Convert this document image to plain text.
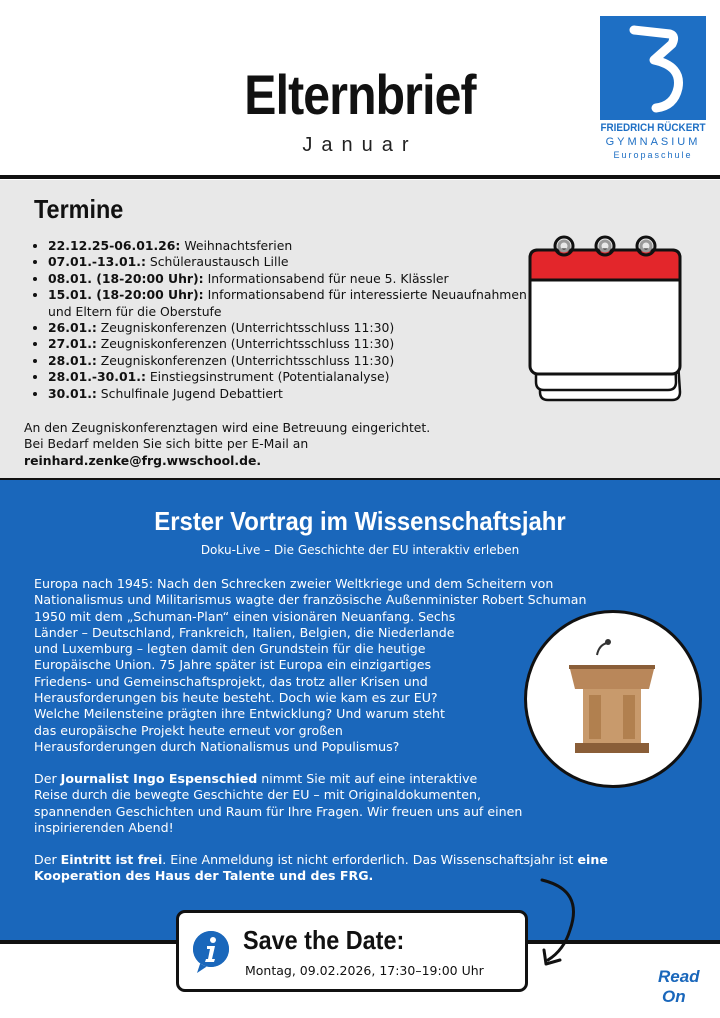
Elternbrief
Januar
FRIEDRICH RÜCKERT
GYMNASIUM
Europaschule
Termine
• 22.12.25-06.01.26: Weihnachtsferien
• 07.01.-13.01.: Schüleraustausch Lille
• 08.01. (18-20:00 Uhr): Informationsabend für neue 5. Klässler
• 15.01. (18-20:00 Uhr): Informationsabend für interessierte Neuaufnahmen und Eltern für die Oberstufe
• 26.01.: Zeugniskonferenzen (Unterrichtsschluss 11:30)
• 27.01.: Zeugniskonferenzen (Unterrichtsschluss 11:30)
• 28.01.: Zeugniskonferenzen (Unterrichtsschluss 11:30)
• 28.01.-30.01.: Einstiegsinstrument (Potentialanalyse)
• 30.01.: Schulfinale Jugend Debattiert
An den Zeugniskonferenztagen wird eine Betreuung eingerichtet.
Bei Bedarf melden Sie sich bitte per E-Mail an
reinhard.zenke@frg.wwschool.de.
Erster Vortrag im Wissenschaftsjahr
Doku-Live – Die Geschichte der EU interaktiv erleben
Europa nach 1945: Nach den Schrecken zweier Weltkriege und dem Scheitern von
Nationalismus und Militarismus wagte der französische Außenminister Robert Schuman
1950 mit dem „Schuman-Plan“ einen visionären Neuanfang. Sechs
Länder – Deutschland, Frankreich, Italien, Belgien, die Niederlande
und Luxemburg – legten damit den Grundstein für die heutige
Europäische Union. 75 Jahre später ist Europa ein einzigartiges
Friedens- und Gemeinschaftsprojekt, das trotz aller Krisen und
Herausforderungen bis heute besteht. Doch wie kam es zur EU?
Welche Meilensteine prägten ihre Entwicklung? Und warum steht
das europäische Projekt heute erneut vor großen
Herausforderungen durch Nationalismus und Populismus?
Der Journalist Ingo Espenschied nimmt Sie mit auf eine interaktive
Reise durch die bewegte Geschichte der EU – mit Originaldokumenten,
spannenden Geschichten und Raum für Ihre Fragen. Wir freuen uns auf einen
inspirierenden Abend!
Der Eintritt ist frei. Eine Anmeldung ist nicht erforderlich. Das Wissenschaftsjahr ist eine
Kooperation des Haus der Talente und des FRG.
Save the Date:
Montag, 09.02.2026, 17:30–19:00 Uhr	Read
On
